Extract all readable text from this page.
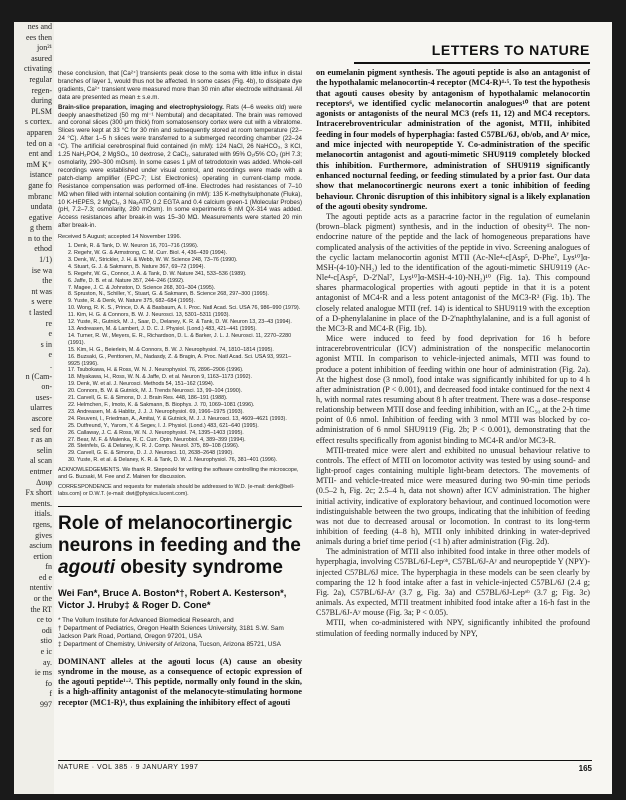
nes and
ees then
jon²¹
asured
ctivating
regular
regen-
during
PLSM
s cortex.
apparen
ted on a
ent and
mM K⁺
istance
gane fo
mbranc
undata
egative
g them
n to the
ethod
1/1)
ise wa
the
nt was
s were
t lasted
re
e
s in
e
.
n (Cam-
on-
uses-
ularres
ascore
sed for
r as an
selin
al scan
entmer
Δυιφ
Fx short
ments.
itials.
rgens,
gives
ascium
ertion
fn
ed e
ntentiv
or the
the RT
ce to
odi
stio
e ic
ay.
ie ms
fo
f
997
LETTERS TO NATURE

these conclusion, that [Ca²⁺] transients peak close to the soma with little influx in distal branches of layer 1, would thus not be affected. In some cases (Fig. 4b), to dissipate dye gradients, Ca²⁺ transient were measured more than 30 min after electrode withdrawal. All data are presented as mean ± s.e.m.

Brain-slice preparation, imaging and electrophysiology. Rats (4–6 weeks old) were deeply anaesthetized (50 mg ml⁻¹ Nembutal) and decapitated. The brain was removed and coronal slices (300 μm thick) from somatosensory cortex were cut with a vibratome. Slices were kept at 33 °C for 30 min and subsequently stored at room temperature (22–24 °C). After 1–5 h slices were transferred to a submerged recording chamber (22–24 °C). The artificial cerebrospinal fluid contained (in mM): 124 NaCl, 26 NaHCO₃, 3 KCl, 1.25 NaH₂PO4, 2 MgSO₄, 10 dextrose, 2 CaCl₂, saturated with 95% O₂/5% CO₂ (pH 7.3; osmolarity, 290–300 mOsm). In some cases 1 μM of tetrodotoxin was added. Whole-cell recordings were established under visual control, and recordings were made with a patch-clamp amplifier (EPC-7; List Electronics) operating in current-clamp mode. Resistance compensation was performed off-line. Electrodes had resistances of 7–10 MΩ when filled with internal solution containing (in mM): 135 K-methylsulphonate (Fluka), 10 K-HEPES, 2 MgCl₂, 3 Na₂ATP, 0.2 EGTA and 0.4 calcium green-1 (Molecular Probes) (pH, 7.2–7.3; osmolarity, 280 mOsm). In some experiments 6 nM QX-314 was added. Access resistances after break-in was 15–30 MΩ. Measurements were started 20 min after break-in.

Received 5 August; accepted 14 November 1996.
1. Denk, R. & Tank, D. W. Neuron 16, 701–716 (1996).
2. Regehr, W. G. & Armstrong, C. M. Curr. Biol. 4, 436–439 (1994).
3. Denk, W., Strickler, J. H. & Webb, W. W. Science 248, 73–76 (1990).
4. Stuart, G. J. & Sakmann, B. Nature 367, 69–72 (1994).
5. Regehr, W. G., Connor, J. A. & Tank, D. W. Nature 341, 533–536 (1989).
6. Jaffe, D. B. et al. Nature 357, 244–246 (1992).
7. Magee, J. C. & Johnston, D. Science 268, 301–304 (1995).
8. Spruston, N., Schiller, Y., Stuart, G. & Sakmann, B. Science 268, 297–300 (1995).
9. Yuste, R. & Denk, W. Nature 375, 682–684 (1995).
10. Wong, R. K. S., Prince, D. A. & Basbaum, A. I. Proc. Natl Acad. Sci. USA 76, 986–990 (1979).
11. Kim, H. G. & Connors, B. W. J. Neurosci. 13, 5301–5311 (1993).
12. Yuste, R., Gutnick, M. J., Saar, D., Delaney, K. R. & Tank, D. W. Neuron 13, 23–43 (1994).
13. Andreasen, M. & Lambert, J. D. C. J. Physiol. (Lond.) 483, 421–441 (1995).
14. Turner, R. W., Meyers, E. R., Richardson, D. L. & Barker, J. L. J. Neurosci. 11, 2270–2280 (1991).
15. Kim, H. G., Beierlein, M. & Connors, B. W. J. Neurophysiol. 74, 1810–1814 (1995).
16. Buzsaki, G., Penttonen, M., Nadasdy, Z. & Bragin, A. Proc. Natl Acad. Sci. USA 93, 9921–9925 (1996).
17. Tsubokawa, H. & Ross, W. N. J. Neurophysiol. 76, 2896–2906 (1996).
18. Miyakawa, H., Ross, W. N. & Jaffe, D. et al. Neuron 9, 1163–1173 (1992).
19. Denk, W. et al. J. Neurosci. Methods 54, 151–162 (1994).
20. Connors, B. W. & Gutnick, M. J. Trends Neurosci. 13, 99–104 (1990).
21. Carvell, G. E. & Simons, D. J. Brain Res. 448, 186–191 (1988).
22. Helmchen, F., Imoto, K. & Sakmann, B. Biophys. J. 70, 1069–1081 (1996).
23. Andreasen, M. & Hablitz, J. J. J. Neurophysiol. 69, 1966–1975 (1993).
24. Reuveni, I., Friedman, A., Amitai, Y. & Gutnick, M. J. J. Neurosci. 13, 4609–4621 (1993).
25. Dutfreund, Y., Yarom, Y. & Segev, I. J. Physiol. (Lond.) 483, 621–640 (1995).
26. Callaway, J. C. & Ross, W. N. J. Neurophysiol. 74, 1395–1403 (1995).
27. Bear, M. F. & Malenka, R. C. Curr. Opin. Neurobiol. 4, 389–399 (1994).
28. Steinfels, G. & Delaney, K. R. J. Comp. Neurol. 375, 89–108 (1996).
29. Carvell, G. E. & Simons, D. J. J. Neurosci. 10, 2638–2648 (1990).
30. Yuste, R. et al. & Delaney, K. R. & Tank, D. W. J. Neurophysiol. 76, 381–401 (1996).

ACKNOWLEDGEMENTS. We thank R. Stepnoski for writing the software controlling the microscope, and G. Buzsaki, M. Fee and Z. Mainen for discussion.

CORRESPONDENCE and requests for materials should be addressed to W.D. (e-mail: denk@bell-labs.com) or D.W.T. (e-mail: dwt@physics.lucent.com).

Role of melanocortinergic neurons in feeding and the agouti obesity syndrome
Wei Fan*, Bruce A. Boston*†, Robert A. Kesterson*, Victor J. Hruby‡ & Roger D. Cone*

* The Vollum Institute for Advanced Biomedical Research, and

† Department of Pediatrics, Oregon Health Sciences University, 3181 S.W. Sam Jackson Park Road, Portland, Oregon 97201, USA

‡ Department of Chemistry, University of Arizona, Tucson, Arizona 85721, USA

DOMINANT alleles at the agouti locus (A) cause an obesity syndrome in the mouse, as a consequence of ectopic expression of the agouti peptide¹·². This peptide, normally only found in the skin, is a high-affinity antagonist of the melanocyte-stimulating hormone receptor (MC1-R)³, thus explaining the inhibitory effect of agouti

on eumelanin pigment synthesis. The agouti peptide is also an antagonist of the hypothalamic melanocortin-4 receptor (MC4-R)⁴·⁵. To test the hypothesis that agouti causes obesity by antagonism of hypothalamic melanocortin receptors⁶, we identified cyclic melanocortin analogues¹⁰ that are potent agonists or antagonists of the neural MC3 (refs 11, 12) and MC4 receptors. Intracerebroventricular administration of the agonist, MTII, inhibited feeding in four models of hyperphagia: fasted C57BL/6J, ob/ob, and Aʸ mice, and mice injected with neuropeptide Y. Co-administration of the specific melanocortin antagonist and agouti-mimetic SHU9119 completely blocked this inhibition. Furthermore, administration of SHU9119 significantly enhanced nocturnal feeding, or feeding stimulated by a prior fast. Our data show that melanocortinergic neurons exert a tonic inhibition of feeding behaviour. Chronic disruption of this inhibitory signal is a likely explanation of the agouti obesity syndrome.

The agouti peptide acts as a paracrine factor in the regulation of eumelanin (brown–black pigment) synthesis, and in the induction of obesity¹³. The non-endocrine nature of the peptide and the lack of homogeneous preparations have complicated analysis of the activities of the peptide in vivo. Screening analogues of the cyclic lactam melanocortin agonist MTII (Ac-Nle⁴-c[Asp⁵, D-Phe⁷, Lys¹⁰]α-MSH-(4-10)-NH₂) led to the identification of the agouti-mimetic SHU9119 (Ac-Nle⁴-c[Asp⁵, D-2'Nal⁷, Lys¹⁰]α-MSH-4-10)-NH₂)¹⁰ (Fig. 1a). This compound shares pharmacological properties with agouti peptide in that it is a potent antagonist of MC4-R and a less potent antagonist of the MC3-R² (Fig. 1b). The closely related analogue MTII (ref. 14) is identical to SHU9119 with the exception of a D-phenylalanine in place of the D-2'naphthylalanine, and is a full agonist of the MC3-R and MC4-R (Fig. 1b).

Mice were induced to feed by food deprivation for 16 h before intracerebroventricular (ICV) administration of the nonspecific melanocortin agonist MTII. In comparison to vehicle-injected animals, MTII was found to produce a potent inhibition of feeding within one hour of administration (Fig. 2a). At the highest dose (3 nmol), food intake was significantly inhibited for up to 4 h after administration (P < 0.001), and decreased food intake continued for the next 4 h, with normal rates resuming about 8 h after treatment. There was a dose–response relationship between MTII dose and feeding inhibition, with an IC₅₀ at the 2-h time point of 0.6 nmol. Inhibition of feeding with 3 nmol MTII was blocked by co-administration of 6 nmol SHU9119 (Fig. 2b; P < 0.001), demonstrating that the effect results specifically from agonist binding to MC4-R and/or MC3-R.

MTII-treated mice were alert and exhibited no unusual behaviour relative to controls. The effect of MTII on locomotor activity was tested by using sound- and light-proof cages containing multiple light-beam detectors. The movements of MTII- and vehicle-treated mice were measured during two 90-min time periods (0.5–2 h, Fig. 2c; 2.5–4 h, data not shown) after ICV administration. The higher initial activity, indicative of exploratory behaviour, and continued locomotion were indistinguishable between the two groups, indicating that the inhibition of feeding was not due to decreased arousal or locomotion. In contrast to its long-term inhibition of feeding (4–8 h), MTII only inhibited drinking in water-deprived animals during a brief time period (<1 h) after administration (Fig. 2d).

The administration of MTII also inhibited food intake in three other models of hyperphagia, involving C57BL/6J-Lepᵒᵇ, C57BL/6J-Aʸ and neuropeptide Y (NPY)-injected C57BL/6J mice. The hyperphagia in these models can be seen clearly by comparing the 12 h food intake after a fast in vehicle-injected C57BL/6J (2.4 g; Fig. 2a), C57BL/6J-Aʸ (3.7 g, Fig. 3a) and C57BL/6J-Lepᵒᵇ (3.7 g; Fig. 3c) animals. As expected, MTII treatment inhibited food intake after a 16-h fast in the C57BL/6J-Aʸ mouse (Fig. 3a; P < 0.05).

MTII, when co-administered with NPY, significantly inhibited the profound stimulation of feeding normally induced by NPY,

NATURE · VOL 385 · 9 JANUARY 1997	165
